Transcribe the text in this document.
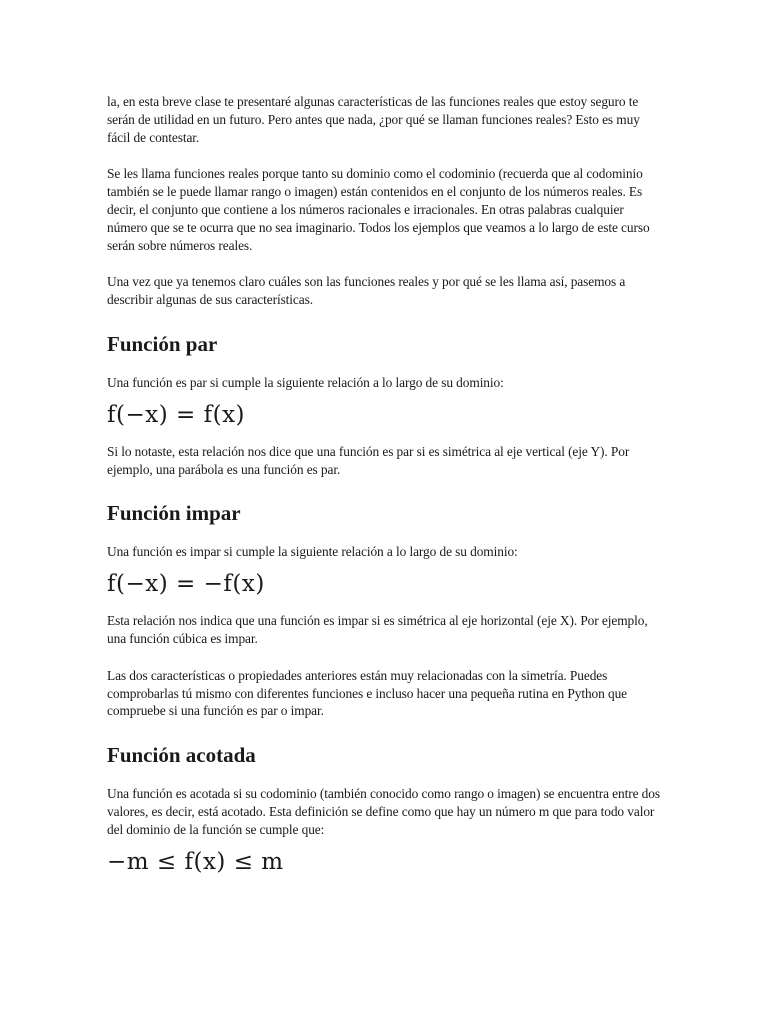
la, en esta breve clase te presentaré algunas características de las funciones reales que estoy seguro te serán de utilidad en un futuro. Pero antes que nada, ¿por qué se llaman funciones reales? Esto es muy fácil de contestar.

Se les llama funciones reales porque tanto su dominio como el codominio (recuerda que al codominio también se le puede llamar rango o imagen) están contenidos en el conjunto de los números reales. Es decir, el conjunto que contiene a los números racionales e irracionales. En otras palabras cualquier número que se te ocurra que no sea imaginario. Todos los ejemplos que veamos a lo largo de este curso serán sobre números reales.

Una vez que ya tenemos claro cuáles son las funciones reales y por qué se les llama así, pasemos a describir algunas de sus características.

Función par

Una función es par si cumple la siguiente relación a lo largo de su dominio:

f(−x) = f(x)

Si lo notaste, esta relación nos dice que una función es par si es simétrica al eje vertical (eje Y). Por ejemplo, una parábola es una función es par.

Función impar

Una función es impar si cumple la siguiente relación a lo largo de su dominio:

f(−x) = −f(x)

Esta relación nos indica que una función es impar si es simétrica al eje horizontal (eje X). Por ejemplo, una función cúbica es impar.

Las dos características o propiedades anteriores están muy relacionadas con la simetría. Puedes comprobarlas tú mismo con diferentes funciones e incluso hacer una pequeña rutina en Python que compruebe si una función es par o impar.

Función acotada

Una función es acotada si su codominio (también conocido como rango o imagen) se encuentra entre dos valores, es decir, está acotado. Esta definición se define como que hay un número m que para todo valor del dominio de la función se cumple que:

−m ≤ f(x) ≤ m
